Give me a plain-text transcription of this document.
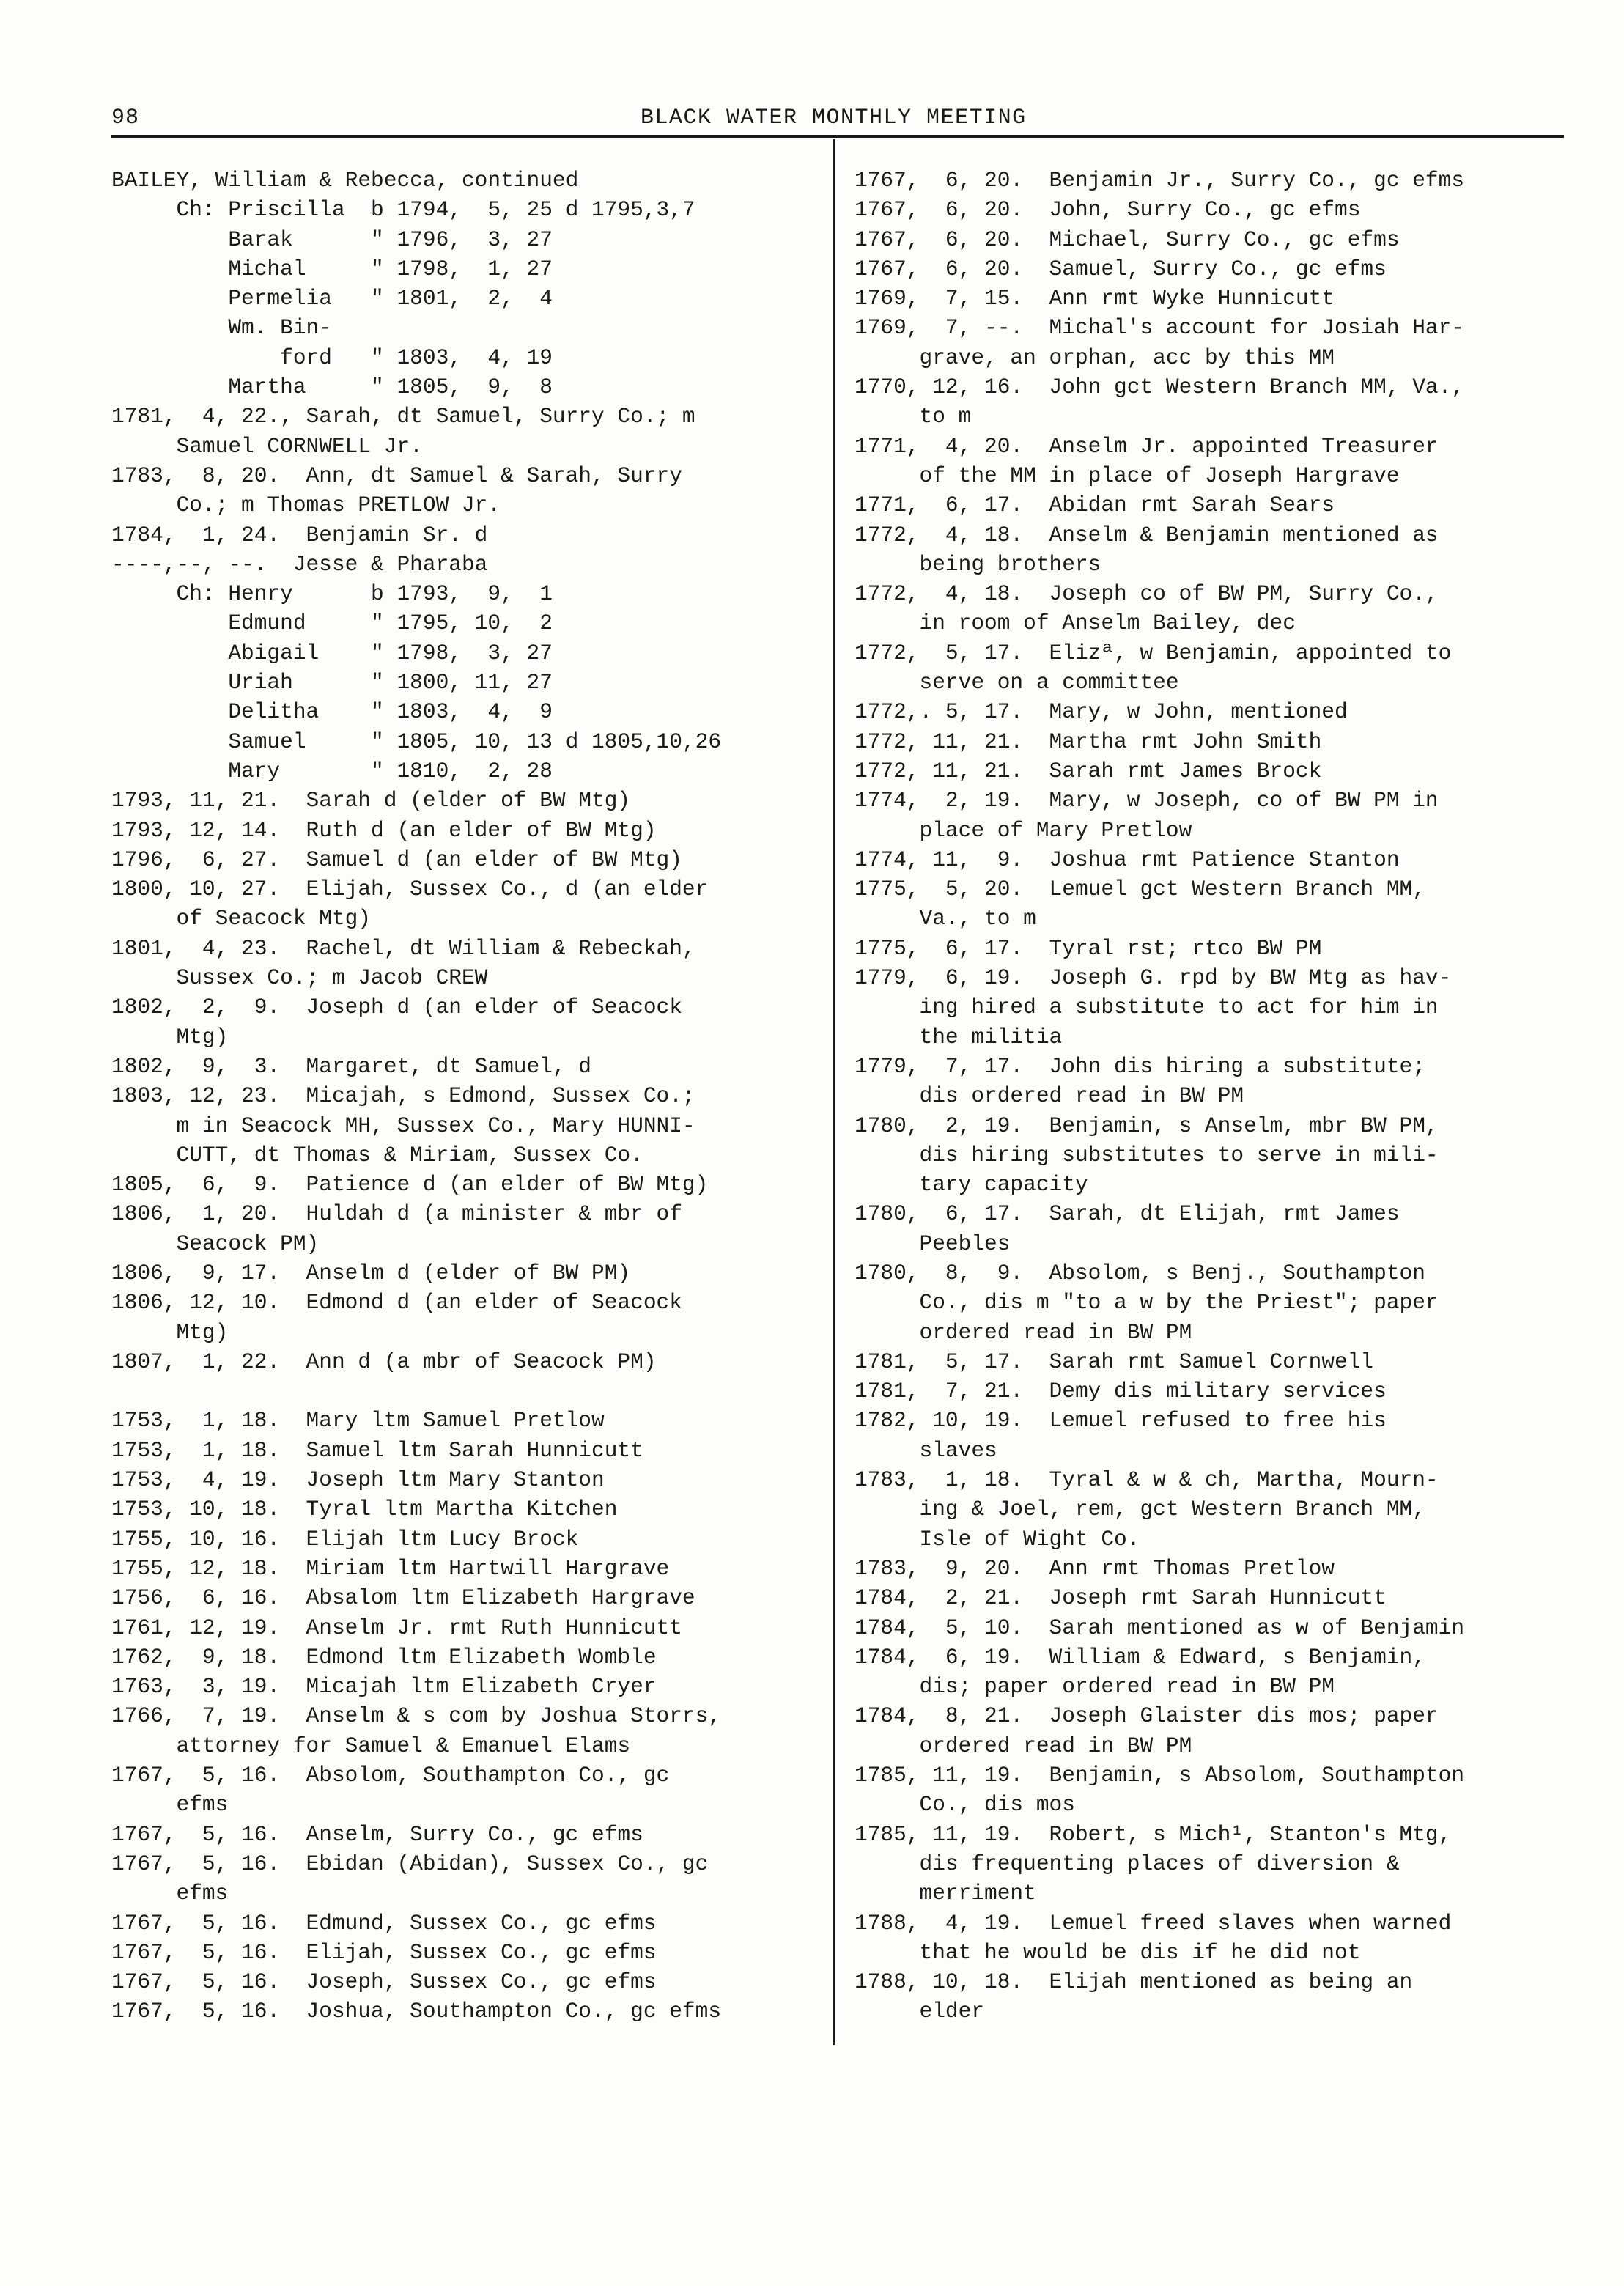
98	BLACK WATER MONTHLY MEETING
BAILEY, William & Rebecca, continued
Ch: Priscilla  b 1794,  5, 25 d 1795,3,7
Barak      " 1796,  3, 27
Michal     " 1798,  1, 27
Permelia   " 1801,  2,  4
Wm. Bin-
ford   " 1803,  4, 19
Martha     " 1805,  9,  8
1781,  4, 22., Sarah, dt Samuel, Surry Co.; m
Samuel CORNWELL Jr.
1783,  8, 20.  Ann, dt Samuel & Sarah, Surry
Co.; m Thomas PRETLOW Jr.
1784,  1, 24.  Benjamin Sr. d
----,--, --.  Jesse & Pharaba
Ch: Henry      b 1793,  9,  1
Edmund     " 1795, 10,  2
Abigail    " 1798,  3, 27
Uriah      " 1800, 11, 27
Delitha    " 1803,  4,  9
Samuel     " 1805, 10, 13 d 1805,10,26
Mary       " 1810,  2, 28
1793, 11, 21.  Sarah d (elder of BW Mtg)
1793, 12, 14.  Ruth d (an elder of BW Mtg)
1796,  6, 27.  Samuel d (an elder of BW Mtg)
1800, 10, 27.  Elijah, Sussex Co., d (an elder
of Seacock Mtg)
1801,  4, 23.  Rachel, dt William & Rebeckah,
Sussex Co.; m Jacob CREW
1802,  2,  9.  Joseph d (an elder of Seacock
Mtg)
1802,  9,  3.  Margaret, dt Samuel, d
1803, 12, 23.  Micajah, s Edmond, Sussex Co.;
m in Seacock MH, Sussex Co., Mary HUNNI-
CUTT, dt Thomas & Miriam, Sussex Co.
1805,  6,  9.  Patience d (an elder of BW Mtg)
1806,  1, 20.  Huldah d (a minister & mbr of
Seacock PM)
1806,  9, 17.  Anselm d (elder of BW PM)
1806, 12, 10.  Edmond d (an elder of Seacock
Mtg)
1807,  1, 22.  Ann d (a mbr of Seacock PM)
1753,  1, 18.  Mary ltm Samuel Pretlow
1753,  1, 18.  Samuel ltm Sarah Hunnicutt
1753,  4, 19.  Joseph ltm Mary Stanton
1753, 10, 18.  Tyral ltm Martha Kitchen
1755, 10, 16.  Elijah ltm Lucy Brock
1755, 12, 18.  Miriam ltm Hartwill Hargrave
1756,  6, 16.  Absalom ltm Elizabeth Hargrave
1761, 12, 19.  Anselm Jr. rmt Ruth Hunnicutt
1762,  9, 18.  Edmond ltm Elizabeth Womble
1763,  3, 19.  Micajah ltm Elizabeth Cryer
1766,  7, 19.  Anselm & s com by Joshua Storrs,
attorney for Samuel & Emanuel Elams
1767,  5, 16.  Absolom, Southampton Co., gc
efms
1767,  5, 16.  Anselm, Surry Co., gc efms
1767,  5, 16.  Ebidan (Abidan), Sussex Co., gc
efms
1767,  5, 16.  Edmund, Sussex Co., gc efms
1767,  5, 16.  Elijah, Sussex Co., gc efms
1767,  5, 16.  Joseph, Sussex Co., gc efms
1767,  5, 16.  Joshua, Southampton Co., gc efms
1767,  6, 20.  Benjamin Jr., Surry Co., gc efms
1767,  6, 20.  John, Surry Co., gc efms
1767,  6, 20.  Michael, Surry Co., gc efms
1767,  6, 20.  Samuel, Surry Co., gc efms
1769,  7, 15.  Ann rmt Wyke Hunnicutt
1769,  7, --.  Michal's account for Josiah Har-
grave, an orphan, acc by this MM
1770, 12, 16.  John gct Western Branch MM, Va.,
to m
1771,  4, 20.  Anselm Jr. appointed Treasurer
of the MM in place of Joseph Hargrave
1771,  6, 17.  Abidan rmt Sarah Sears
1772,  4, 18.  Anselm & Benjamin mentioned as
being brothers
1772,  4, 18.  Joseph co of BW PM, Surry Co.,
in room of Anselm Bailey, dec
1772,  5, 17.  Elizª, w Benjamin, appointed to
serve on a committee
1772,. 5, 17.  Mary, w John, mentioned
1772, 11, 21.  Martha rmt John Smith
1772, 11, 21.  Sarah rmt James Brock
1774,  2, 19.  Mary, w Joseph, co of BW PM in
place of Mary Pretlow
1774, 11,  9.  Joshua rmt Patience Stanton
1775,  5, 20.  Lemuel gct Western Branch MM,
Va., to m
1775,  6, 17.  Tyral rst; rtco BW PM
1779,  6, 19.  Joseph G. rpd by BW Mtg as hav-
ing hired a substitute to act for him in
the militia
1779,  7, 17.  John dis hiring a substitute;
dis ordered read in BW PM
1780,  2, 19.  Benjamin, s Anselm, mbr BW PM,
dis hiring substitutes to serve in mili-
tary capacity
1780,  6, 17.  Sarah, dt Elijah, rmt James
Peebles
1780,  8,  9.  Absolom, s Benj., Southampton
Co., dis m "to a w by the Priest"; paper
ordered read in BW PM
1781,  5, 17.  Sarah rmt Samuel Cornwell
1781,  7, 21.  Demy dis military services
1782, 10, 19.  Lemuel refused to free his
slaves
1783,  1, 18.  Tyral & w & ch, Martha, Mourn-
ing & Joel, rem, gct Western Branch MM,
Isle of Wight Co.
1783,  9, 20.  Ann rmt Thomas Pretlow
1784,  2, 21.  Joseph rmt Sarah Hunnicutt
1784,  5, 10.  Sarah mentioned as w of Benjamin
1784,  6, 19.  William & Edward, s Benjamin,
dis; paper ordered read in BW PM
1784,  8, 21.  Joseph Glaister dis mos; paper
ordered read in BW PM
1785, 11, 19.  Benjamin, s Absolom, Southampton
Co., dis mos
1785, 11, 19.  Robert, s Mich¹, Stanton's Mtg,
dis frequenting places of diversion &
merriment
1788,  4, 19.  Lemuel freed slaves when warned
that he would be dis if he did not
1788, 10, 18.  Elijah mentioned as being an
elder
